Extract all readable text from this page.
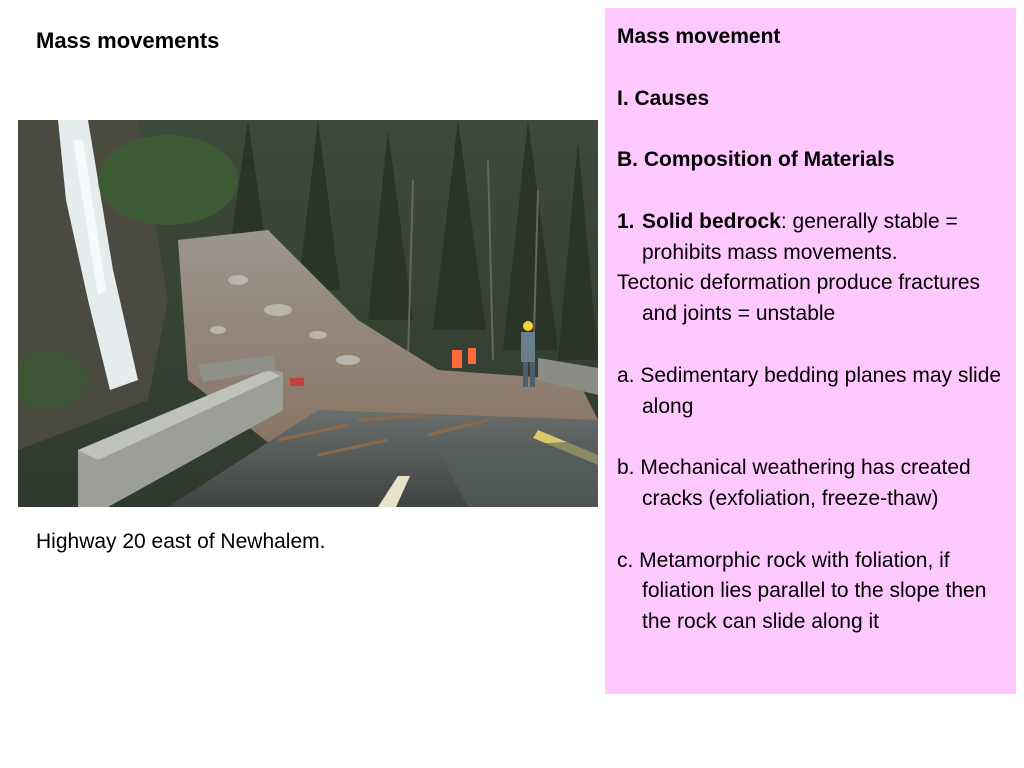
Mass movements
Highway 20 east of Newhalem.

Mass movement

I. Causes

B. Composition of Materials

1. Solid bedrock: generally stable = prohibits mass movements.

Tectonic deformation produce fractures and joints = unstable

a. Sedimentary bedding planes may slide along

b. Mechanical weathering has created cracks (exfoliation, freeze-thaw)

c. Metamorphic rock with foliation, if foliation lies parallel to the slope then the rock can slide along it
